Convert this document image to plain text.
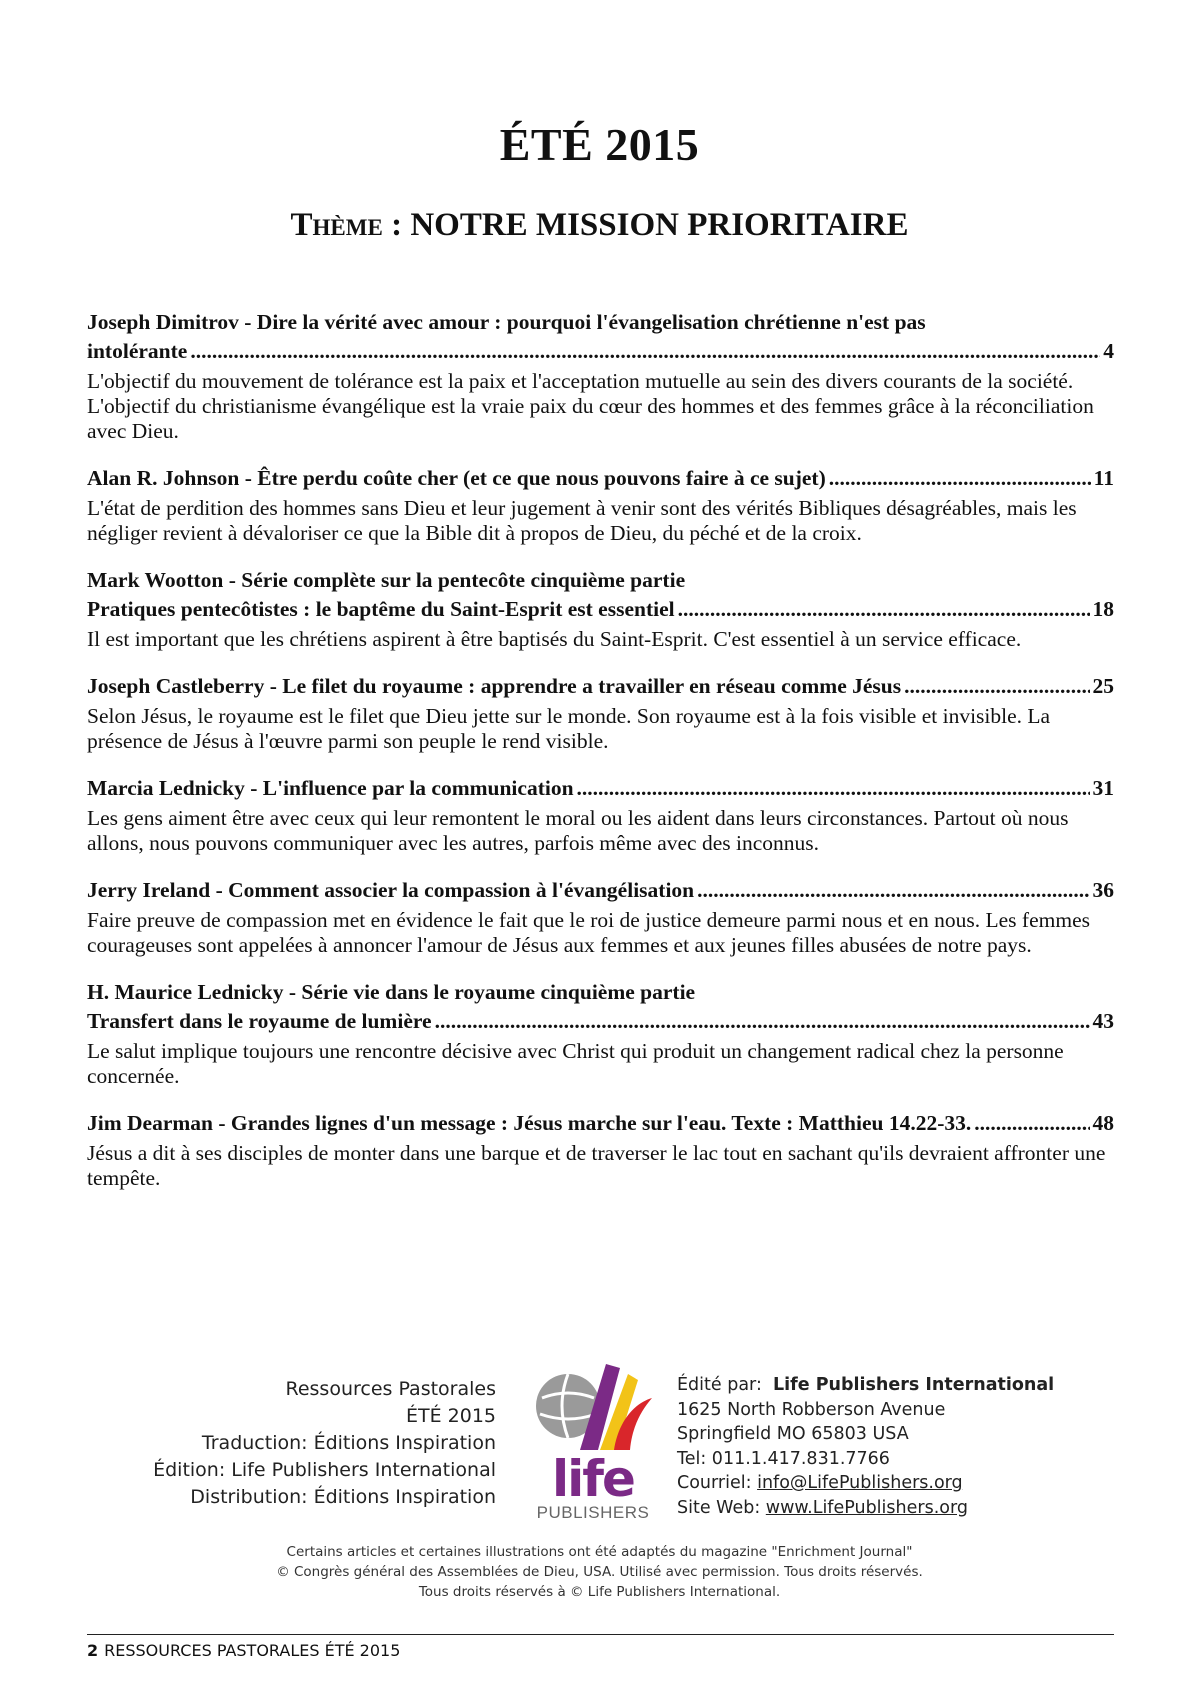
ÉTÉ 2015
Thème : NOTRE MISSION PRIORITAIRE
Joseph Dimitrov - Dire la vérité avec amour : pourquoi l'évangelisation chrétienne n'est pas
intolérante .....	4
L'objectif du mouvement de tolérance est la paix et l'acceptation mutuelle au sein des divers courants de la société. L'objectif du christianisme évangélique est la vraie paix du cœur des hommes et des femmes grâce à la réconciliation avec Dieu.
Alan R. Johnson - Être perdu coûte cher (et ce que nous pouvons faire à ce sujet) .....	11
L'état de perdition des hommes sans Dieu et leur jugement à venir sont des vérités Bibliques désagréables, mais les négliger revient à dévaloriser ce que la Bible dit à propos de Dieu, du péché et de la croix.
Mark Wootton - Série complète sur la pentecôte cinquième partie
Pratiques pentecôtistes : le baptême du Saint-Esprit est essentiel .....	18
Il est important que les chrétiens aspirent à être baptisés du Saint-Esprit. C'est essentiel à un service efficace.
Joseph Castleberry - Le filet du royaume : apprendre a travailler en réseau comme Jésus .....	25
Selon Jésus, le royaume est le filet que Dieu jette sur le monde. Son royaume est à la fois visible et invisible. La présence de Jésus à l'œuvre parmi son peuple le rend visible.
Marcia Lednicky - L'influence par la communication .....	31
Les gens aiment être avec ceux qui leur remontent le moral ou les aident dans leurs circonstances. Partout où nous allons, nous pouvons communiquer avec les autres, parfois même avec des inconnus.
Jerry Ireland - Comment associer la compassion à l'évangélisation .....	36
Faire preuve de compassion met en évidence le fait que le roi de justice demeure parmi nous et en nous. Les femmes courageuses sont appelées à annoncer l'amour de Jésus aux femmes et aux jeunes filles abusées de notre pays.
H. Maurice Lednicky - Série vie dans le royaume cinquième partie
Transfert dans le royaume de lumière .....	43
Le salut implique toujours une rencontre décisive avec Christ qui produit un changement radical chez la personne concernée.
Jim Dearman - Grandes lignes d'un message : Jésus marche sur l'eau. Texte : Matthieu 14.22-33. .....	48
Jésus a dit à ses disciples de monter dans une barque et de traverser le lac tout en sachant qu'ils devraient affronter une tempête.
Ressources Pastorales
ÉTÉ 2015
Traduction: Éditions Inspiration
Édition: Life Publishers International
Distribution: Éditions Inspiration	life
PUBLISHERS
Édité par: Life Publishers International
1625 North Robberson Avenue
Springfield MO 65803 USA
Tel: 011.1.417.831.7766
Courriel: info@LifePublishers.org
Site Web: www.LifePublishers.org
Certains articles et certaines illustrations ont été adaptés du magazine "Enrichment Journal"
© Congrès général des Assemblées de Dieu, USA. Utilisé avec permission. Tous droits réservés.
Tous droits réservés à © Life Publishers International.
2 RESSOURCES PASTORALES ÉTÉ 2015
